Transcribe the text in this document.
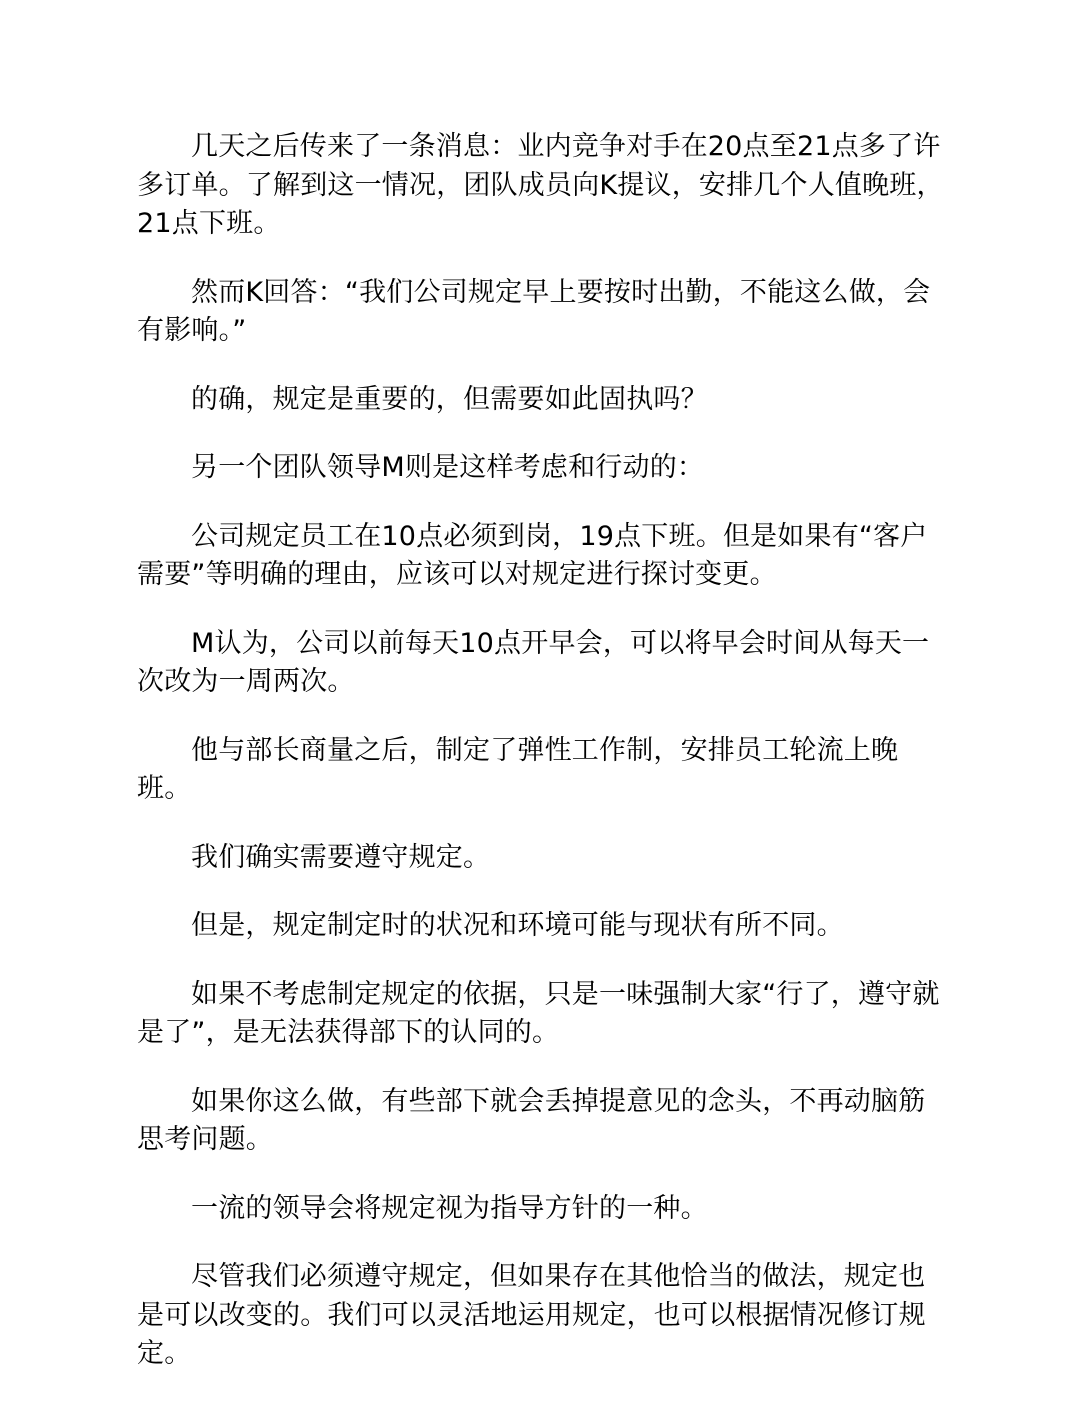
几天之后传来了一条消息：业内竞争对手在20点至21点多了许多订单。了解到这一情况，团队成员向K提议，安排几个人值晚班，21点下班。

然而K回答：“我们公司规定早上要按时出勤，不能这么做，会有影响。”

的确，规定是重要的，但需要如此固执吗？

另一个团队领导M则是这样考虑和行动的：

公司规定员工在10点必须到岗，19点下班。但是如果有“客户需要”等明确的理由，应该可以对规定进行探讨变更。

M认为，公司以前每天10点开早会，可以将早会时间从每天一次改为一周两次。

他与部长商量之后，制定了弹性工作制，安排员工轮流上晚班。

我们确实需要遵守规定。

但是，规定制定时的状况和环境可能与现状有所不同。

如果不考虑制定规定的依据，只是一味强制大家“行了，遵守就是了”，是无法获得部下的认同的。

如果你这么做，有些部下就会丢掉提意见的念头，不再动脑筋思考问题。

一流的领导会将规定视为指导方针的一种。

尽管我们必须遵守规定，但如果存在其他恰当的做法，规定也是可以改变的。我们可以灵活地运用规定，也可以根据情况修订规定。
